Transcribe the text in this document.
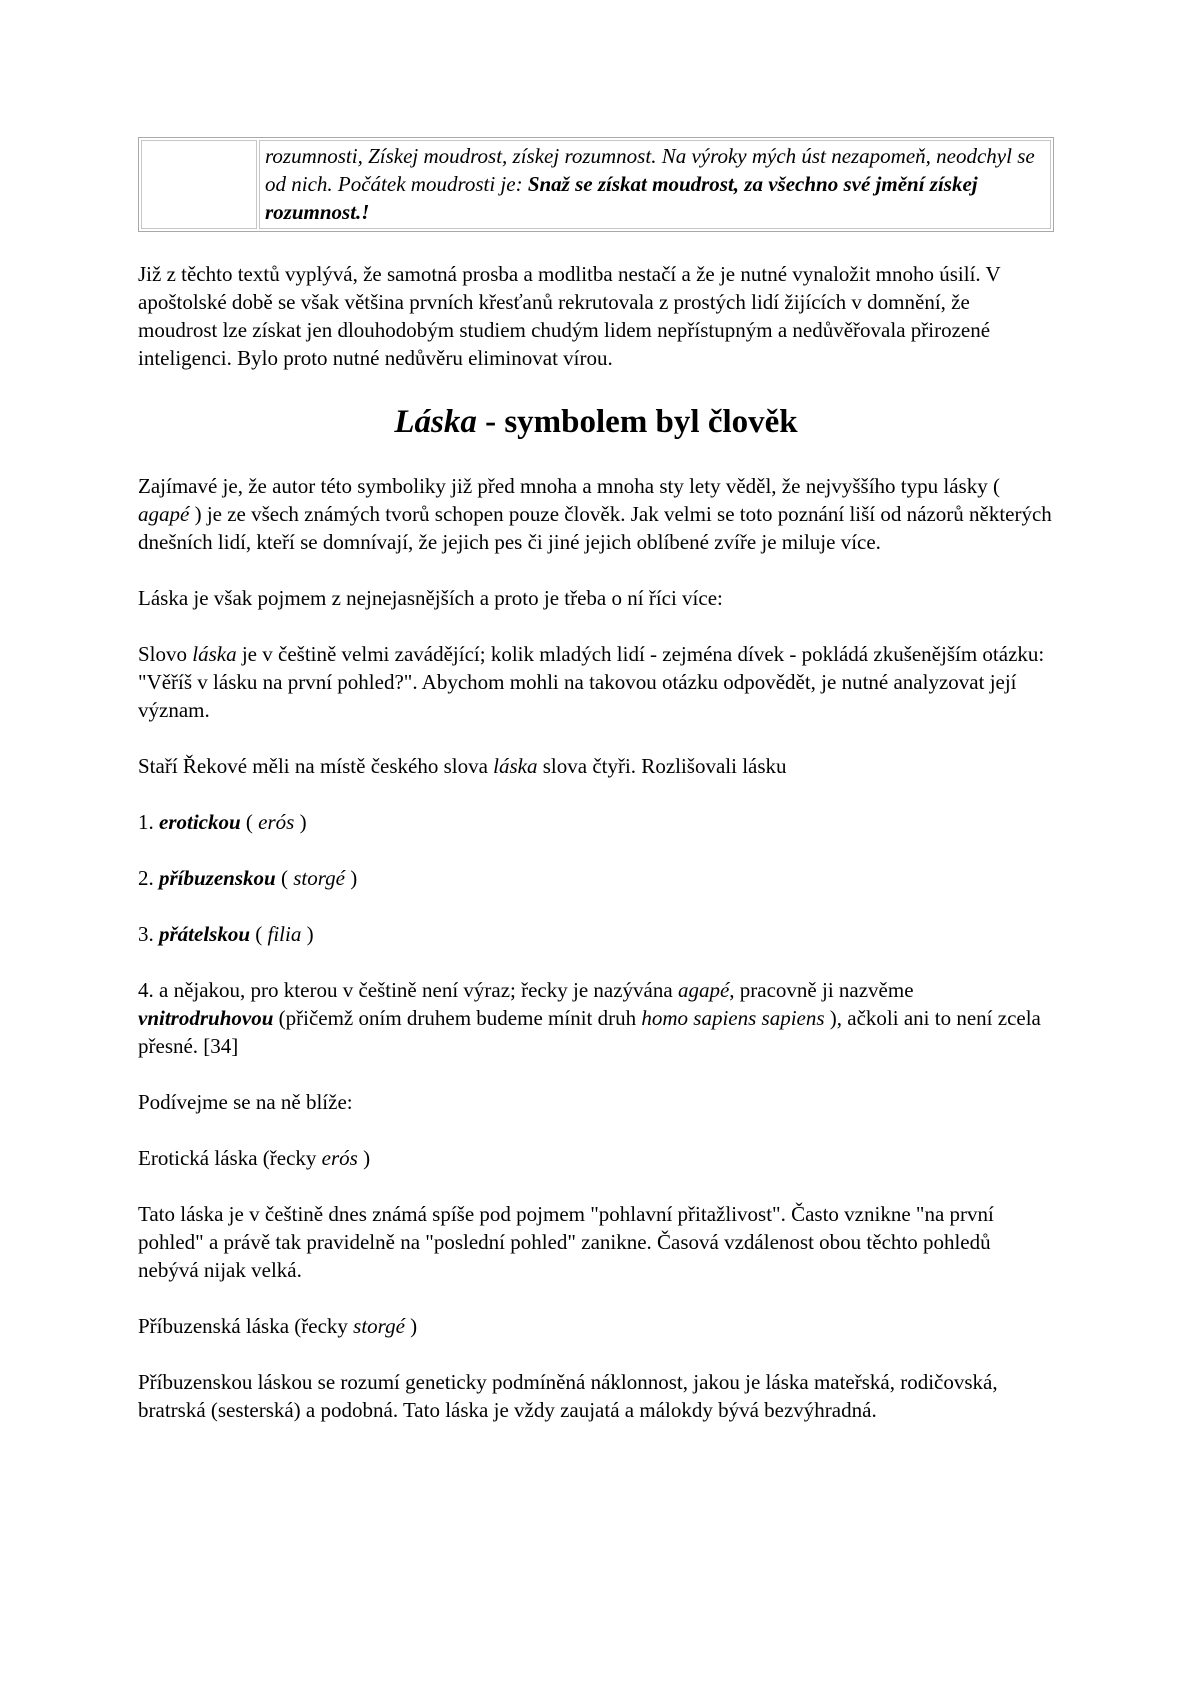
	rozumnosti, Získej moudrost, získej rozumnost. Na výroky mých úst nezapomeň, neodchyl se od nich. Počátek moudrosti je: Snaž se získat moudrost, za všechno své jmění získej rozumnost.!

Již z těchto textů vyplývá, že samotná prosba a modlitba nestačí a že je nutné vynaložit mnoho úsilí. V apoštolské době se však většina prvních křesťanů rekrutovala z prostých lidí žijících v domnění, že moudrost lze získat jen dlouhodobým studiem chudým lidem nepřístupným a nedůvěřovala přirozené inteligenci. Bylo proto nutné nedůvěru eliminovat vírou.

Láska - symbolem byl člověk

Zajímavé je, že autor této symboliky již před mnoha a mnoha sty lety věděl, že nejvyššího typu lásky ( agapé ) je ze všech známých tvorů schopen pouze člověk. Jak velmi se toto poznání liší od názorů některých dnešních lidí, kteří se domnívají, že jejich pes či jiné jejich oblíbené zvíře je miluje více.

Láska je však pojmem z nejnejasnějších a proto je třeba o ní říci více:

Slovo láska je v češtině velmi zavádějící; kolik mladých lidí - zejména dívek - pokládá zkušenějším otázku: "Věříš v lásku na první pohled?". Abychom mohli na takovou otázku odpovědět, je nutné analyzovat její význam.

Staří Řekové měli na místě českého slova láska slova čtyři. Rozlišovali lásku

1. erotickou ( erós )

2. příbuzenskou ( storgé )

3. přátelskou ( filia )

4. a nějakou, pro kterou v češtině není výraz; řecky je nazývána agapé, pracovně ji nazvěme vnitrodruhovou (přičemž oním druhem budeme mínit druh homo sapiens sapiens ), ačkoli ani to není zcela přesné. [34]

Podívejme se na ně blíže:

Erotická láska (řecky erós )

Tato láska je v češtině dnes známá spíše pod pojmem "pohlavní přitažlivost". Často vznikne "na první pohled" a právě tak pravidelně na "poslední pohled" zanikne. Časová vzdálenost obou těchto pohledů nebývá nijak velká.

Příbuzenská láska (řecky storgé )

Příbuzenskou láskou se rozumí geneticky podmíněná náklonnost, jakou je láska mateřská, rodičovská, bratrská (sesterská) a podobná. Tato láska je vždy zaujatá a málokdy bývá bezvýhradná.
